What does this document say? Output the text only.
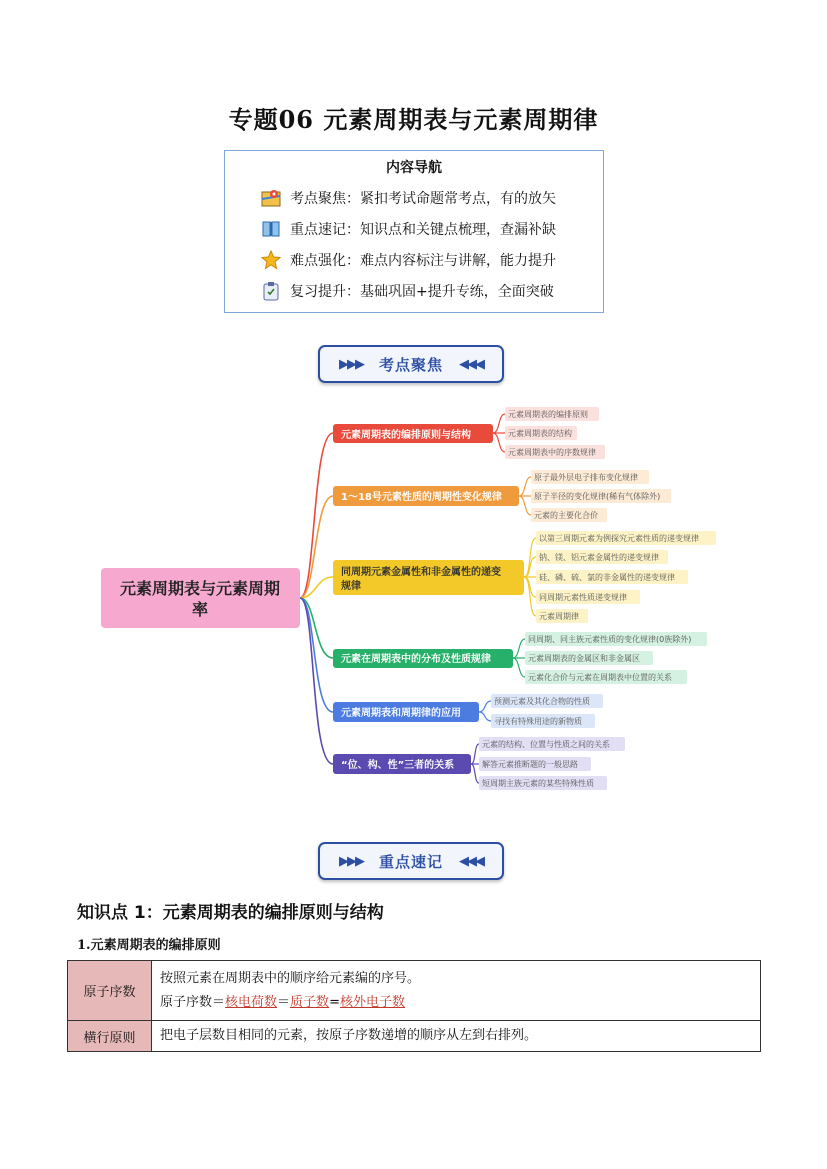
专题06 元素周期表与元素周期律
内容导航
考点聚焦：紧扣考试命题常考点，有的放矢
重点速记：知识点和关键点梳理，查漏补缺
难点强化：难点内容标注与讲解，能力提升
复习提升：基础巩固+提升专练，全面突破
▶▶▶ 考点聚焦 ◀◀◀
元素周期表与元素周期
率
元素周期表的编排原则与结构
元素周期表的编排原则
元素周期表的结构
元素周期表中的序数规律
1～18号元素性质的周期性变化规律
原子最外层电子排布变化规律
原子半径的变化规律(稀有气体除外)
元素的主要化合价
同周期元素金属性和非金属性的递变
规律
以第三周期元素为例探究元素性质的递变规律
钠、镁、铝元素金属性的递变规律
硅、磷、硫、氯的非金属性的递变规律
同周期元素性质递变规律
元素周期律
元素在周期表中的分布及性质规律
同周期、同主族元素性质的变化规律(0族除外)
元素周期表的金属区和非金属区
元素化合价与元素在周期表中位置的关系
元素周期表和周期律的应用
预测元素及其化合物的性质
寻找有特殊用途的新物质
“位、构、性”三者的关系
元素的结构、位置与性质之间的关系
解答元素推断题的一般思路
短周期主族元素的某些特殊性质
▶▶▶ 重点速记 ◀◀◀
知识点 1：元素周期表的编排原则与结构
1.元素周期表的编排原则
原子序数	按照元素在周期表中的顺序给元素编的序号。
原子序数＝核电荷数＝质子数=核外电子数

横行原则	把电子层数目相同的元素，按原子序数递增的顺序从左到右排列。
